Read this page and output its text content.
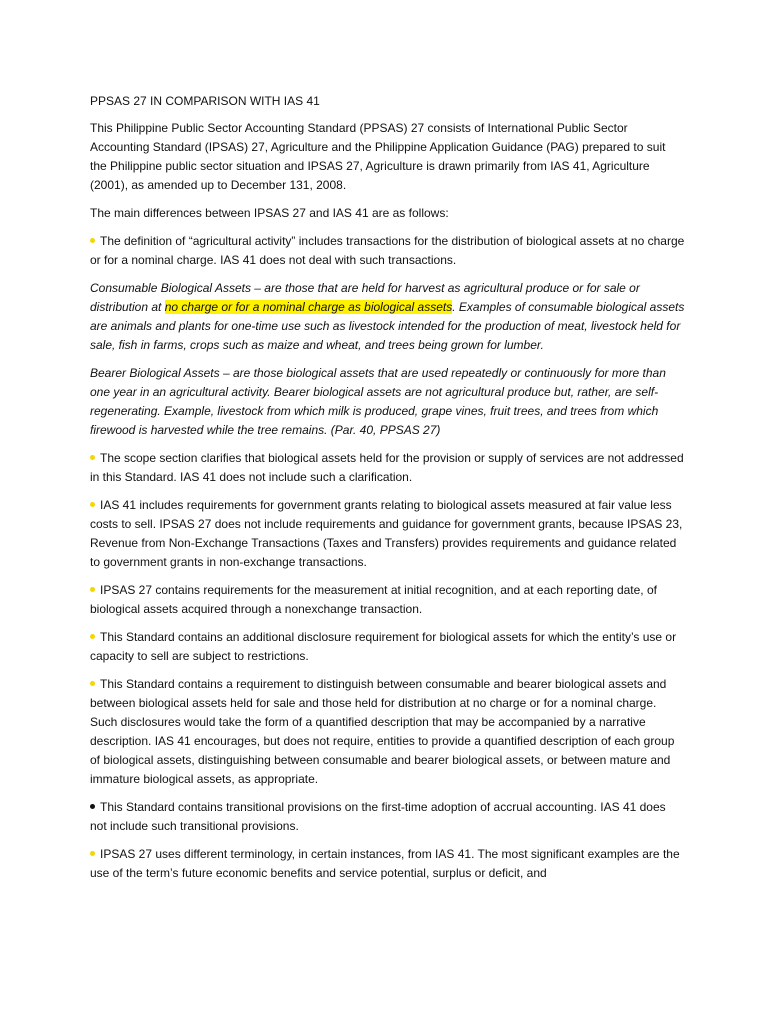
PPSAS 27 IN COMPARISON WITH IAS 41

This Philippine Public Sector Accounting Standard (PPSAS) 27 consists of International Public Sector Accounting Standard (IPSAS) 27, Agriculture and the Philippine Application Guidance (PAG) prepared to suit the Philippine public sector situation and IPSAS 27, Agriculture is drawn primarily from IAS 41, Agriculture (2001), as amended up to December 131, 2008.

The main differences between IPSAS 27 and IAS 41 are as follows:

The definition of “agricultural activity” includes transactions for the distribution of biological assets at no charge or for a nominal charge. IAS 41 does not deal with such transactions.

Consumable Biological Assets – are those that are held for harvest as agricultural produce or for sale or distribution at no charge or for a nominal charge as biological assets. Examples of consumable biological assets are animals and plants for one-time use such as livestock intended for the production of meat, livestock held for sale, fish in farms, crops such as maize and wheat, and trees being grown for lumber.

Bearer Biological Assets – are those biological assets that are used repeatedly or continuously for more than one year in an agricultural activity. Bearer biological assets are not agricultural produce but, rather, are self-regenerating. Example, livestock from which milk is produced, grape vines, fruit trees, and trees from which firewood is harvested while the tree remains. (Par. 40, PPSAS 27)

The scope section clarifies that biological assets held for the provision or supply of services are not addressed in this Standard. IAS 41 does not include such a clarification.

IAS 41 includes requirements for government grants relating to biological assets measured at fair value less costs to sell. IPSAS 27 does not include requirements and guidance for government grants, because IPSAS 23, Revenue from Non-Exchange Transactions (Taxes and Transfers) provides requirements and guidance related to government grants in non-exchange transactions.

IPSAS 27 contains requirements for the measurement at initial recognition, and at each reporting date, of biological assets acquired through a nonexchange transaction.

This Standard contains an additional disclosure requirement for biological assets for which the entity’s use or capacity to sell are subject to restrictions.

This Standard contains a requirement to distinguish between consumable and bearer biological assets and between biological assets held for sale and those held for distribution at no charge or for a nominal charge. Such disclosures would take the form of a quantified description that may be accompanied by a narrative description. IAS 41 encourages, but does not require, entities to provide a quantified description of each group of biological assets, distinguishing between consumable and bearer biological assets, or between mature and immature biological assets, as appropriate.

This Standard contains transitional provisions on the first-time adoption of accrual accounting. IAS 41 does not include such transitional provisions.

IPSAS 27 uses different terminology, in certain instances, from IAS 41. The most significant examples are the use of the term’s future economic benefits and service potential, surplus or deficit, and
